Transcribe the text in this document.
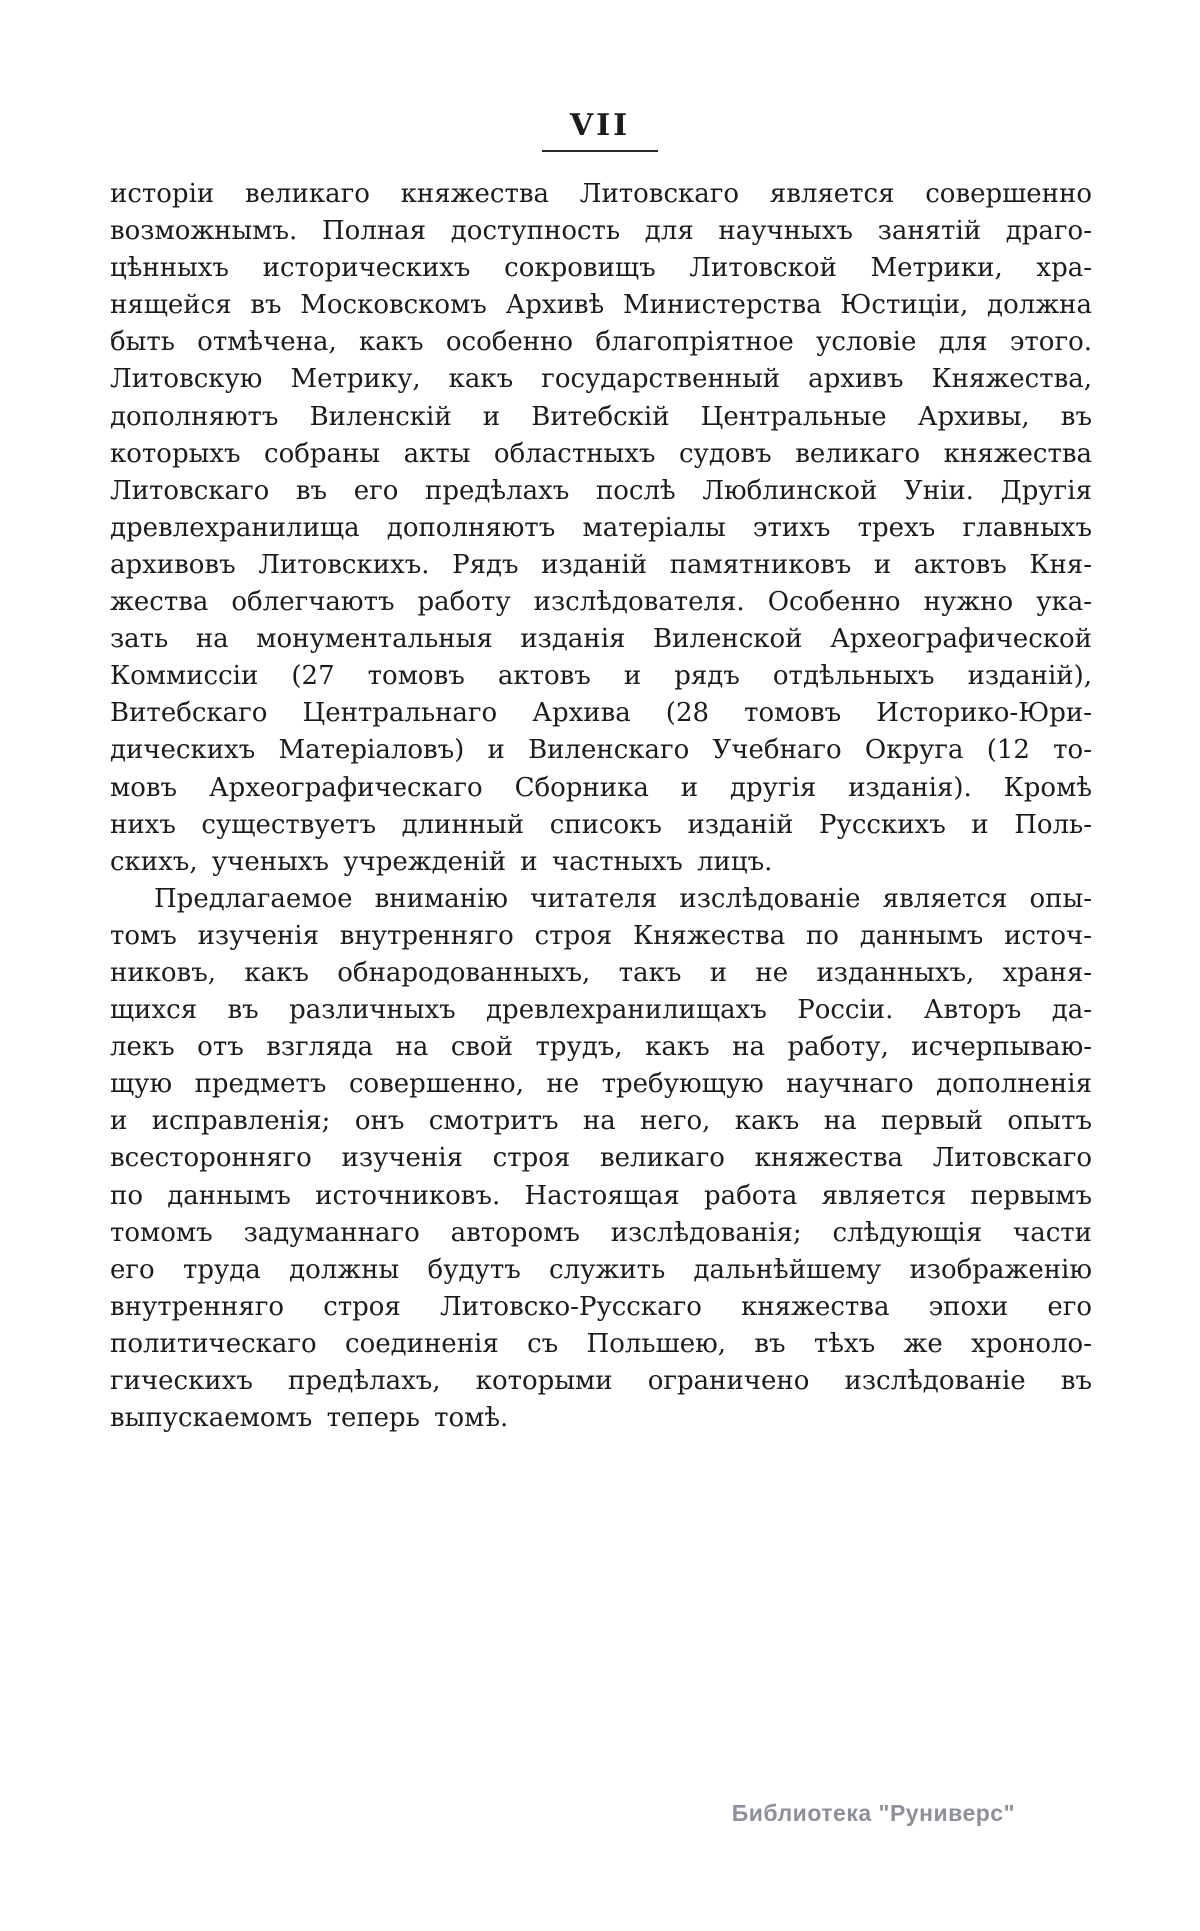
VII
исторіи великаго княжества Литовскаго является совершенно
возможнымъ. Полная доступность для научныхъ занятій драго-
цѣнныхъ историческихъ сокровищъ Литовской Метрики, хра-
нящейся въ Московскомъ Архивѣ Министерства Юстиціи, должна
быть отмѣчена, какъ особенно благопріятное условіе для этого.
Литовскую Метрику, какъ государственный архивъ Княжества,
дополняютъ Виленскій и Витебскій Центральные Архивы, въ
которыхъ собраны акты областныхъ судовъ великаго княжества
Литовскаго въ его предѣлахъ послѣ Люблинской Уніи. Другія
древлехранилища дополняютъ матеріалы этихъ трехъ главныхъ
архивовъ Литовскихъ. Рядъ изданій памятниковъ и актовъ Кня-
жества облегчаютъ работу изслѣдователя. Особенно нужно ука-
зать на монументальныя изданія Виленской Археографической
Коммиссіи (27 томовъ актовъ и рядъ отдѣльныхъ изданій),
Витебскаго Центральнаго Архива (28 томовъ Историко-Юри-
дическихъ Матеріаловъ) и Виленскаго Учебнаго Округа (12 то-
мовъ Археографическаго Сборника и другія изданія). Кромѣ
нихъ существуетъ длинный списокъ изданій Русскихъ и Поль-
скихъ, ученыхъ учрежденій и частныхъ лицъ.
Предлагаемое вниманію читателя изслѣдованіе является опы-
томъ изученія внутренняго строя Княжества по даннымъ источ-
никовъ, какъ обнародованныхъ, такъ и не изданныхъ, храня-
щихся въ различныхъ древлехранилищахъ Россіи. Авторъ да-
лекъ отъ взгляда на свой трудъ, какъ на работу, исчерпываю-
щую предметъ совершенно, не требующую научнаго дополненія
и исправленія; онъ смотритъ на него, какъ на первый опытъ
всесторонняго изученія строя великаго княжества Литовскаго
по даннымъ источниковъ. Настоящая работа является первымъ
томомъ задуманнаго авторомъ изслѣдованія; слѣдующія части
его труда должны будутъ служить дальнѣйшему изображенію
внутренняго строя Литовско-Русскаго княжества эпохи его
политическаго соединенія съ Польшею, въ тѣхъ же хроноло-
гическихъ предѣлахъ, которыми ограничено изслѣдованіе въ
выпускаемомъ теперь томѣ.
Библиотека "Руниверс"
